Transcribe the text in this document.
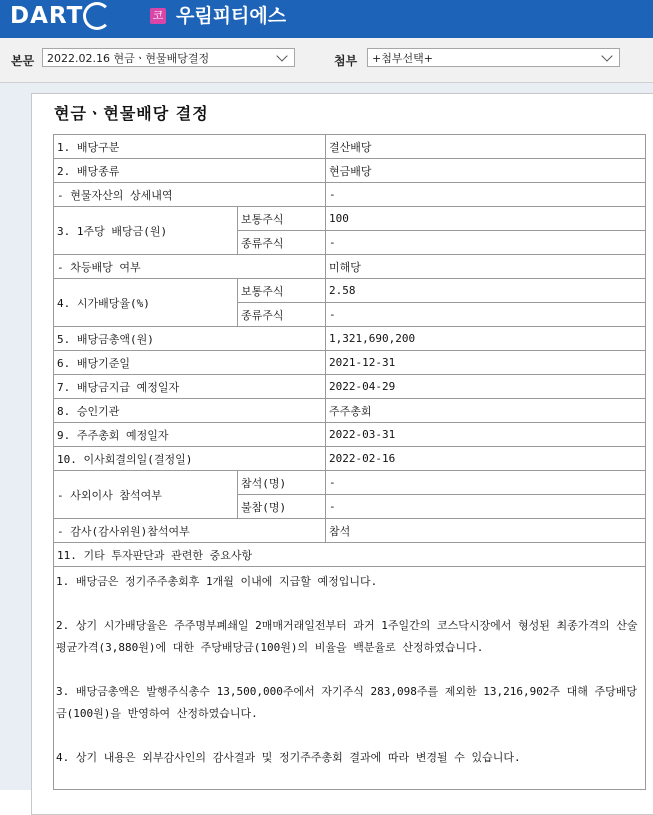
DART	코 우림피티에스
본문	2022.02.16 현금ㆍ현물배당결정	첨부	+첨부선택+
현금ㆍ현물배당 결정
1. 배당구분		결산배당
2. 배당종류		현금배당
- 현물자산의 상세내역		-
3. 1주당 배당금(원)	보통주식	100
	종류주식	-
- 차등배당 여부		미해당
4. 시가배당율(%)	보통주식	2.58
	종류주식	-
5. 배당금총액(원)		1,321,690,200
6. 배당기준일		2021-12-31
7. 배당금지급 예정일자		2022-04-29
8. 승인기관		주주총회
9. 주주총회 예정일자		2022-03-31
10. 이사회결의일(결정일)		2022-02-16
- 사외이사 참석여부	참석(명)	-
	불참(명)	-
- 감사(감사위원)참석여부		참석
11. 기타 투자판단과 관련한 중요사항		

1. 배당금은 정기주주총회후 1개월 이내에 지급할 예정입니다.

2. 상기 시가배당율은 주주명부폐쇄일 2매매거래일전부터 과거 1주일간의 코스닥시장에서 형성된 최종가격의 산술평균가격(3,880원)에 대한 주당배당금(100원)의 비율을 백분율로 산정하였습니다.

3. 배당금총액은 발행주식총수 13,500,000주에서 자기주식 283,098주를 제외한 13,216,902주 대해 주당배당금(100원)을 반영하여 산정하였습니다.

4. 상기 내용은 외부감사인의 감사결과 및 정기주주총회 결과에 따라 변경될 수 있습니다.		
